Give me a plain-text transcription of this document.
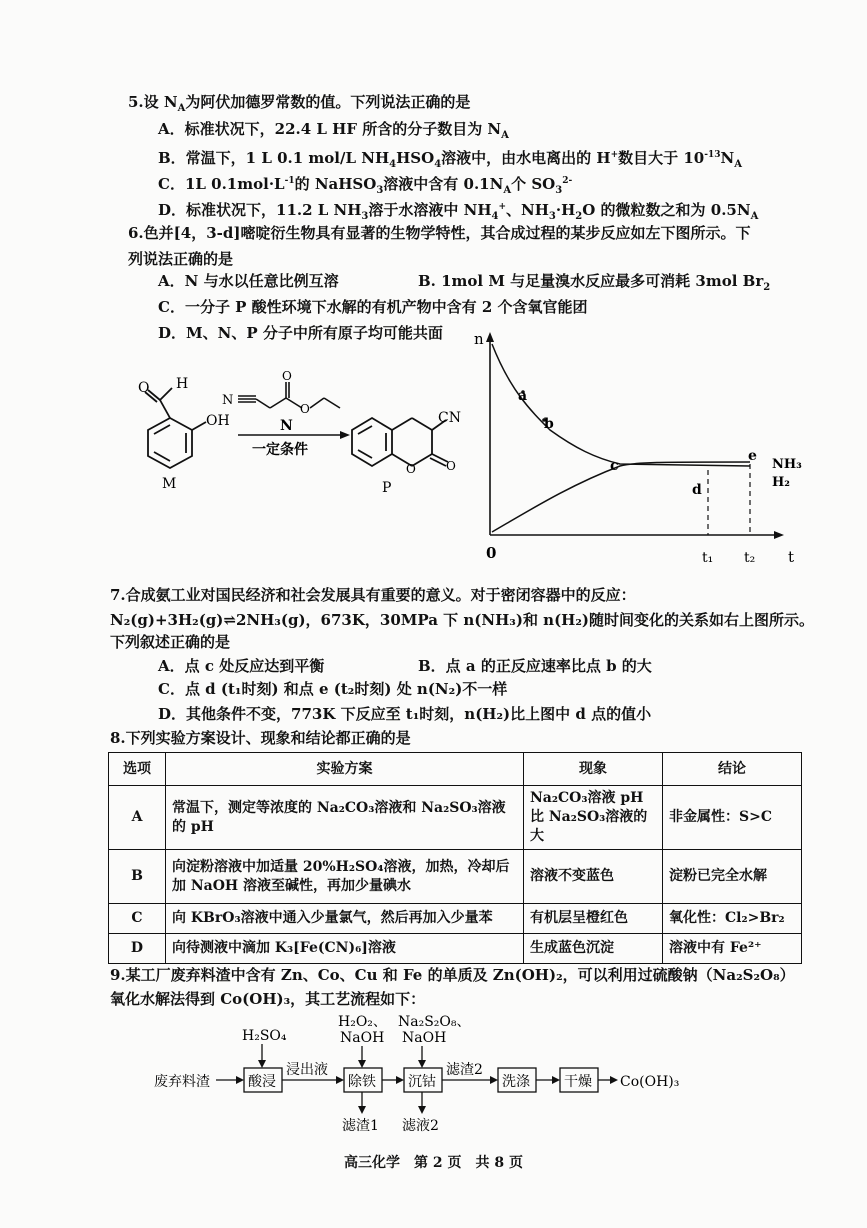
5.设 $N_A$为阿伏加德罗常数的值。下列说法正确的是
A．标准状况下，22.4 L HF 所含的分子数目为 $N_A$
B．常温下，1 L 0.1 mol/L $NH_4HSO_4$溶液中，由水电离出的 H+数目大于 $10^{-13}N_A$
C．1L $0.1mol\cdot L^{-1}$的 NaHSO$_3$溶液中含有 $0.1N_A$个 $SO_3^{2-}$
D．标准状况下，11.2 L $NH_3$溶于水溶液中 $NH_4^+$、$NH_3\cdot H_2O$ 的微粒数之和为 $0.5N_A$
6.色并[4，3-d]嘧啶衍生物具有显著的生物学特性，其合成过程的某步反应如左下图所示。下
列说法正确的是
A．N 与水以任意比例互溶	B. 1mol M 与足量溴水反应最多可消耗 3mol $Br_2$
C．一分子 P 酸性环境下水解的有机产物中含有 2 个含氧官能团
D．M、N、P 分子中所有原子均可能共面
O H
OH
M
N
O
O
N
一定条件
O	O
CN
P
n
t
0
a
b
c
d
e
t₁ t₂
NH₃
H₂
7.合成氨工业对国民经济和社会发展具有重要的意义。对于密闭容器中的反应：
N₂(g)+3H₂(g)⇌2NH₃(g)，673K，30MPa 下 n(NH₃)和 n(H₂)随时间变化的关系如右上图所示。
下列叙述正确的是
A．点 c 处反应达到平衡	B．点 a 的正反应速率比点 b 的大
C．点 d (t₁时刻) 和点 e (t₂时刻) 处 n(N₂)不一样
D．其他条件不变，773K 下反应至 t₁时刻，n(H₂)比上图中 d 点的值小
8.下列实验方案设计、现象和结论都正确的是
选项	实验方案	现象	结论
A	常温下，测定等浓度的 Na₂CO₃溶液和 Na₂SO₃溶液的 pH	Na₂CO₃溶液 pH 比 Na₂SO₃溶液的大	非金属性：S>C
B	向淀粉溶液中加适量 20%H₂SO₄溶液，加热，冷却后加 NaOH 溶液至碱性，再加少量碘水	溶液不变蓝色	淀粉已完全水解
C	向 KBrO₃溶液中通入少量氯气，然后再加入少量苯	有机层呈橙红色	氧化性：Cl₂>Br₂
D	向待测液中滴加 K₃[Fe(CN)₆]溶液	生成蓝色沉淀	溶液中有 Fe²⁺
9.某工厂废弃料渣中含有 Zn、Co、Cu 和 Fe 的单质及 Zn(OH)₂，可以利用过硫酸钠（Na₂S₂O₈）
氧化水解法得到 Co(OH)₃，其工艺流程如下：
H₂SO₄
H₂O₂、
NaOH
Na₂S₂O₈、
NaOH
废弃料渣	酸浸
浸出液
除铁
滤渣1
沉钴
滤液2
滤渣2
洗涤 干燥 Co(OH)₃
高三化学　第 2 页　共 8 页
